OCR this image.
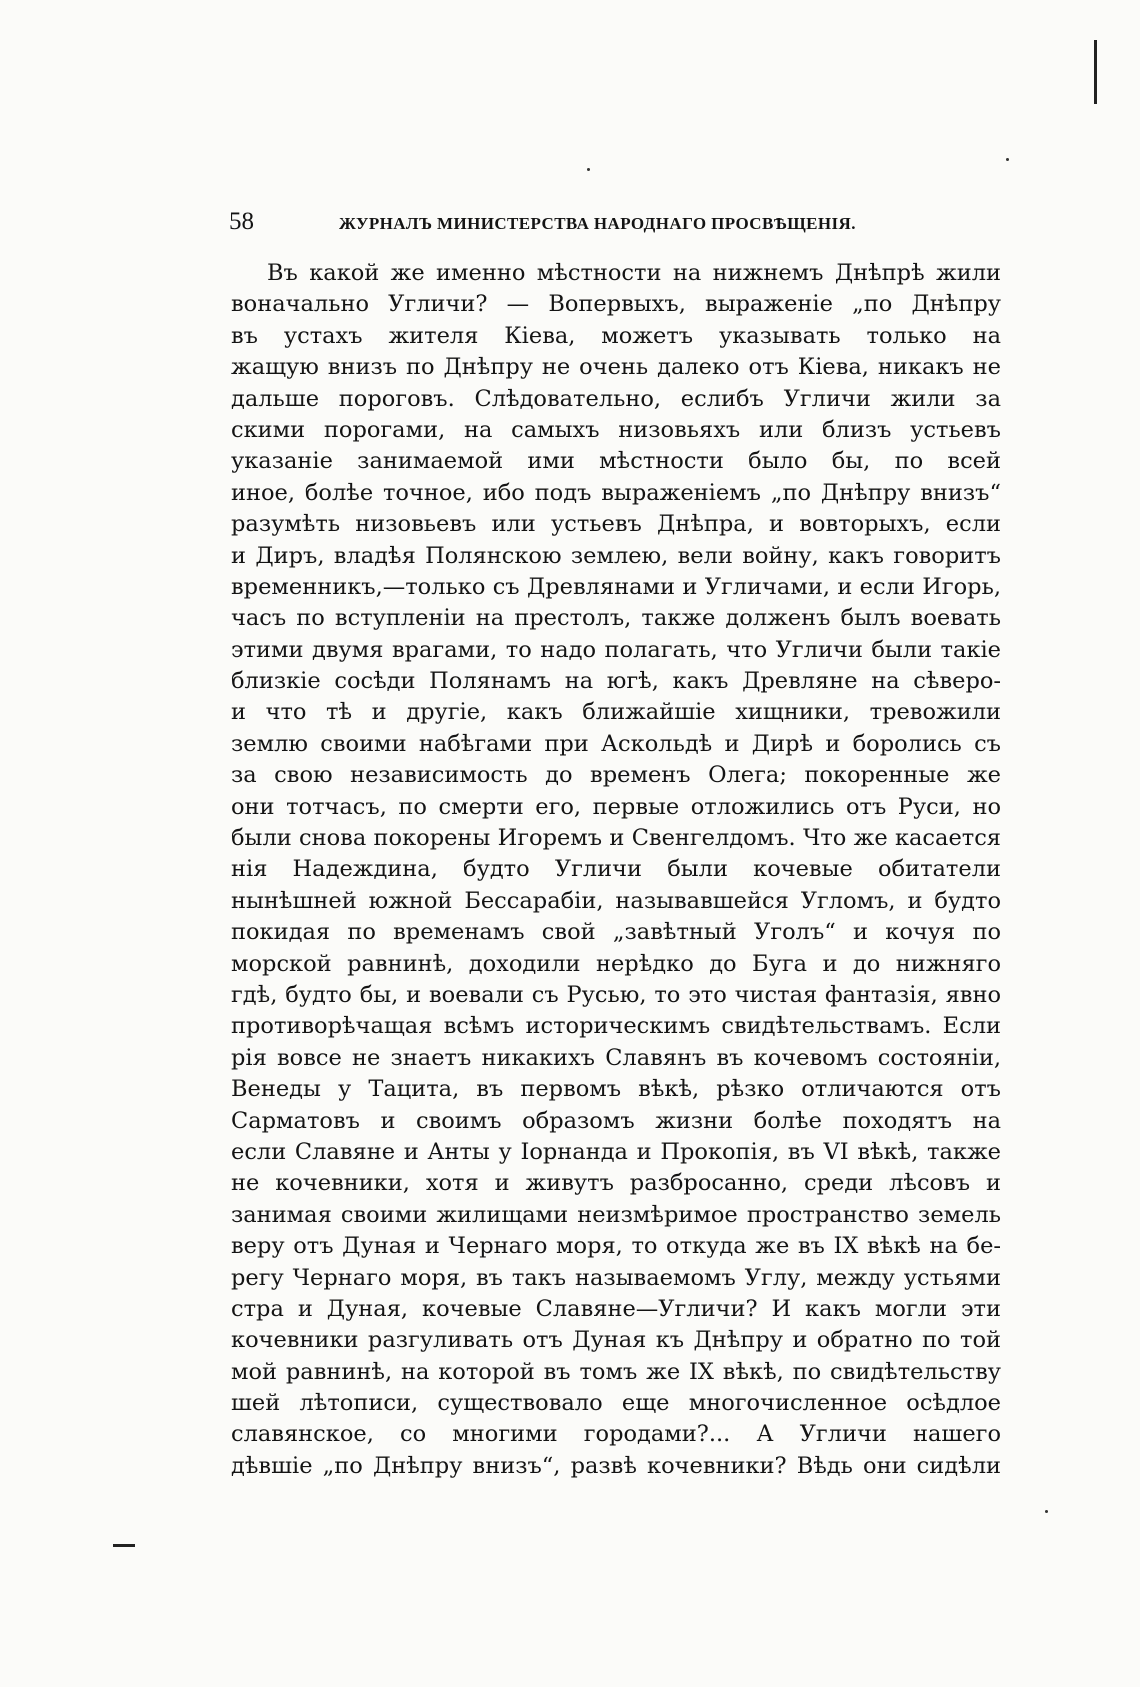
58	ЖУРНАЛЪ МИНИСТЕРСТВА НАРОДНАГО ПРОСВѢЩЕНІЯ.
Въ какой же именно мѣстности на нижнемъ Днѣпрѣ жили
воначально Угличи? — Вопервыхъ, выраженіе „по Днѣпру
въ устахъ жителя Кіева, можетъ указывать только на
жащую внизъ по Днѣпру не очень далеко отъ Кіева, никакъ не
дальше пороговъ. Слѣдовательно, еслибъ Угличи жили за
скими порогами, на самыхъ низовьяхъ или близъ устьевъ
указаніе занимаемой ими мѣстности было бы, по всей
иное, болѣе точное, ибо подъ выраженіемъ „по Днѣпру внизъ“
разумѣть низовьевъ или устьевъ Днѣпра, и вовторыхъ, если
и Диръ, владѣя Полянскою землею, вели войну, какъ говоритъ
временникъ,—только съ Древлянами и Угличами, и если Игорь,
часъ по вступленіи на престолъ, также долженъ былъ воевать
этими двумя врагами, то надо полагать, что Угличи были такіе
близкіе сосѣди Полянамъ на югѣ, какъ Древляне на сѣверо-
и что тѣ и другіе, какъ ближайшіе хищники, тревожили
землю своими набѣгами при Аскольдѣ и Дирѣ и боролись съ
за свою независимость до временъ Олега; покоренные же
они тотчасъ, по смерти его, первые отложились отъ Руси, но
были снова покорены Игоремъ и Свенгелдомъ. Что же касается
нія Надеждина, будто Угличи были кочевые обитатели
нынѣшней южной Бессарабіи, называвшейся Угломъ, и будто
покидая по временамъ свой „завѣтный Уголъ“ и кочуя по
морской равнинѣ, доходили нерѣдко до Буга и до нижняго
гдѣ, будто бы, и воевали съ Русью, то это чистая фантазія, явно
противорѣчащая всѣмъ историческимъ свидѣтельствамъ. Если
рія вовсе не знаетъ никакихъ Славянъ въ кочевомъ состояніи,
Венеды у Тацита, въ первомъ вѣкѣ, рѣзко отличаются отъ
Сарматовъ и своимъ образомъ жизни болѣе походятъ на
если Славяне и Анты у Іорнанда и Прокопія, въ VI вѣкѣ, также
не кочевники, хотя и живутъ разбросанно, среди лѣсовъ и
занимая своими жилищами неизмѣримое пространство земель
веру отъ Дуная и Чернаго моря, то откуда же въ IX вѣкѣ на бе-
регу Чернаго моря, въ такъ называемомъ Углу, между устьями
стра и Дуная, кочевые Славяне—Угличи? И какъ могли эти
кочевники разгуливать отъ Дуная къ Днѣпру и обратно по той
мой равнинѣ, на которой въ томъ же IX вѣкѣ, по свидѣтельству
шей лѣтописи, существовало еще многочисленное осѣдлое
славянское, со многими городами?... А Угличи нашего
дѣвшіе „по Днѣпру внизъ“, развѣ кочевники? Вѣдь они сидѣли
